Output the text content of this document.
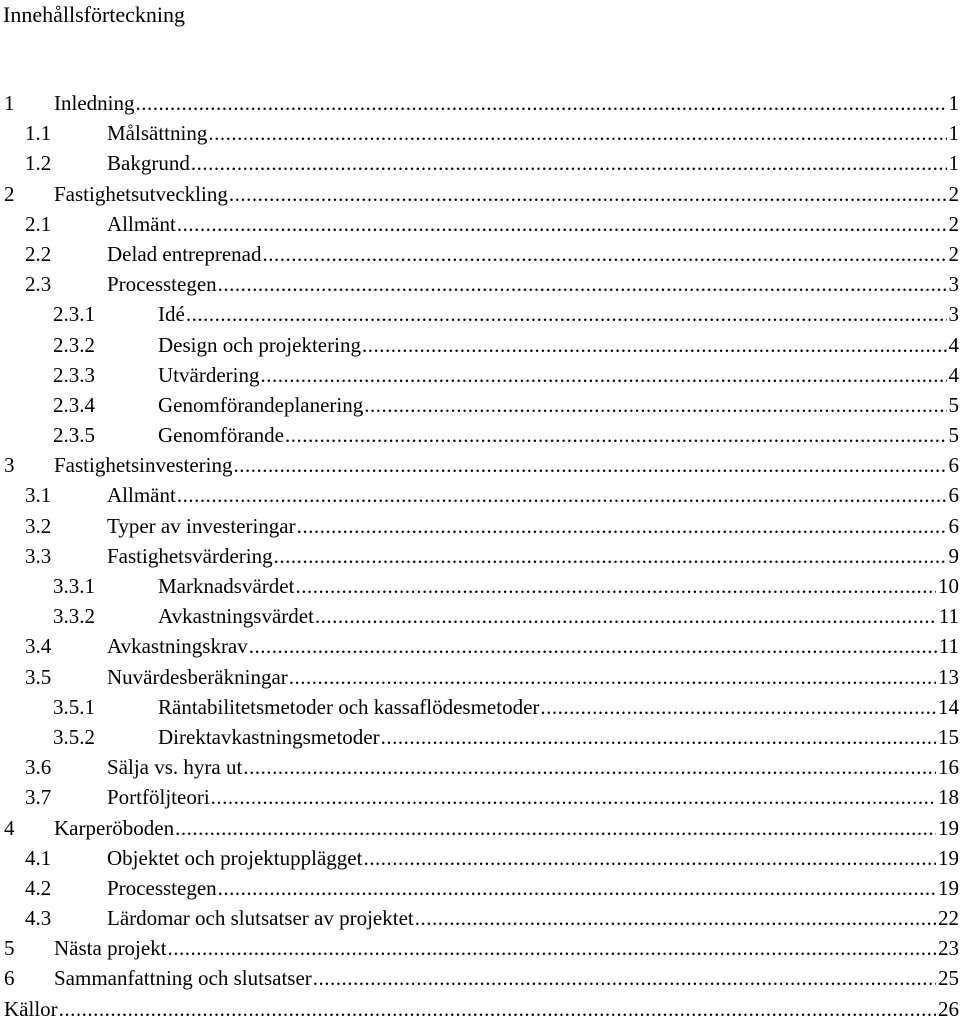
Innehållsförteckning
1 Inledning .....	1
1.1	Målsättning .....	1
1.2	Bakgrund .....	1
2 Fastighetsutveckling .....	2
2.1	Allmänt .....	2
2.2	Delad entreprenad .....	2
2.3	Processtegen .....	3
2.3.1	Idé .....	3
2.3.2	Design och projektering .....	4
2.3.3	Utvärdering .....	4
2.3.4	Genomförandeplanering .....	5
2.3.5	Genomförande .....	5
3 Fastighetsinvestering .....	6
3.1	Allmänt .....	6
3.2	Typer av investeringar .....	6
3.3	Fastighetsvärdering .....	9
3.3.1	Marknadsvärdet .....	10
3.3.2	Avkastningsvärdet .....	11
3.4	Avkastningskrav .....	11
3.5	Nuvärdesberäkningar .....	13
3.5.1	Räntabilitetsmetoder och kassaflödesmetoder .....	14
3.5.2	Direktavkastningsmetoder .....	15
3.6	Sälja vs. hyra ut .....	16
3.7	Portföljteori .....	18
4 Karperöboden .....	19
4.1	Objektet och projektupplägget .....	19
4.2	Processtegen .....	19
4.3	Lärdomar och slutsatser av projektet .....	22
5 Nästa projekt .....	23
6 Sammanfattning och slutsatser .....	25
Källor .....	26
